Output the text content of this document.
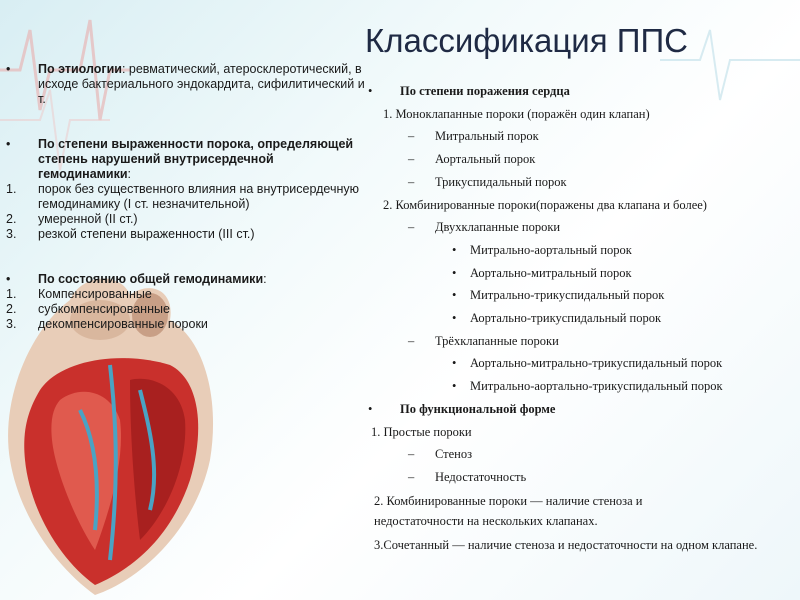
Классификация ППС
• По этиологии: ревматический, атеросклеротический, в исходе бактериального эндокардита, сифилитический и т.
• По степени выраженности порока, определяющей степень нарушений внутрисердечной гемодинамики:
1. порок без существенного влияния на внутрисердечную гемодинамику (I ст. незначительной)
2. умеренной (II ст.)
3. резкой степени выраженности (III ст.)
• По состоянию общей гемодинамики:
1. Компенсированные
2. субкомпенсированные
3. декомпенсированные пороки
• По степени поражения сердца
1. Моноклапанные пороки (поражён один клапан)
– Митральный порок
– Аортальный порок
– Трикуспидальный порок
2. Комбинированные пороки(поражены два клапана и более)
– Двухклапанные пороки
• Митрально-аортальный порок
• Аортально-митральный порок
• Митрально-трикуспидальный порок
• Аортально-трикуспидальный порок
– Трёхклапанные пороки
• Аортально-митрально-трикуспидальный порок
• Митрально-аортально-трикуспидальный порок
• По функциональной форме
1. Простые пороки
– Стеноз
– Недостаточность
2. Комбинированные пороки — наличие стеноза и недостаточности на нескольких клапанах.
3.Сочетанный — наличие стеноза и недостаточности на одном клапане.
